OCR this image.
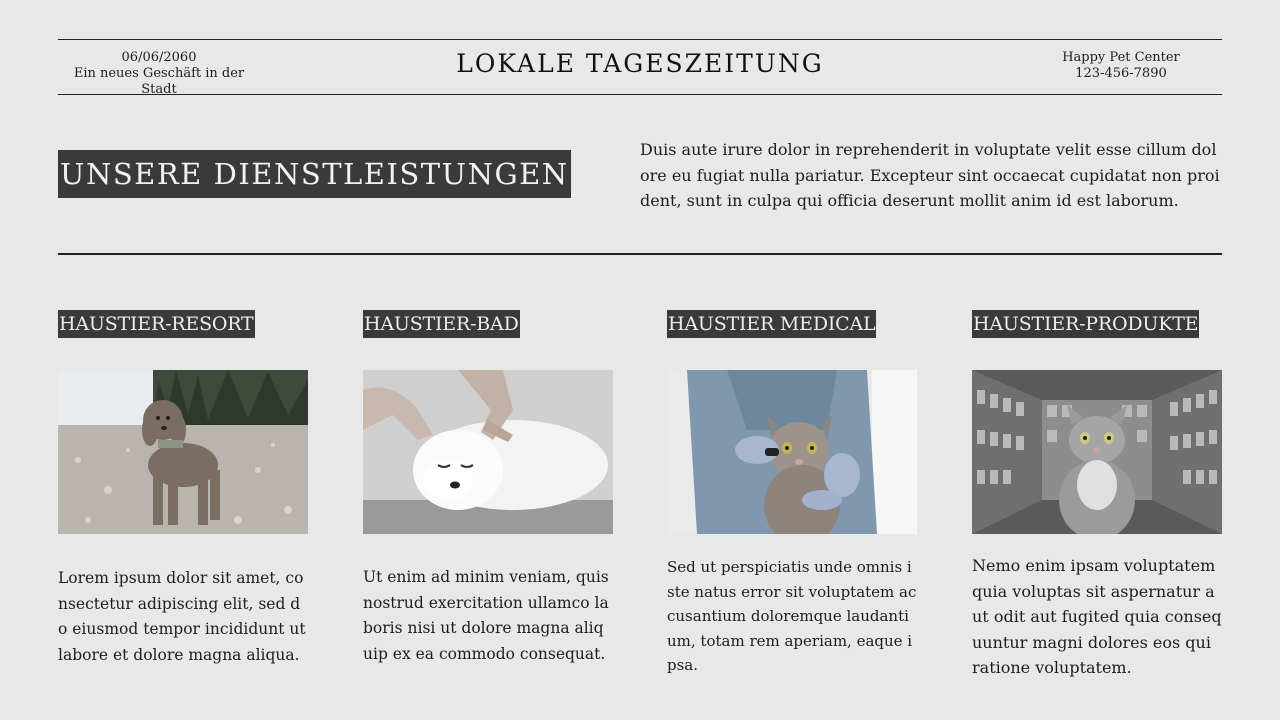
06/06/2060
Ein neues Geschäft in der Stadt
LOKALE TAGESZEITUNG	Happy Pet Center
123-456-7890
UNSERE DIENSTLEISTUNGEN

Duis aute irure dolor in reprehenderit in voluptate velit esse cillum dolore eu fugiat nulla pariatur. Excepteur sint occaecat cupidatat non proident, sunt in culpa qui officia deserunt mollit anim id est laborum.

HAUSTIER-RESORT

Lorem ipsum dolor sit amet, consectetur adipiscing elit, sed do eiusmod tempor incididunt ut labore et dolore magna aliqua.

HAUSTIER-BAD

Ut enim ad minim veniam, quis nostrud exercitation ullamco laboris nisi ut dolore magna aliquip ex ea commodo consequat.

HAUSTIER MEDICAL

Sed ut perspiciatis unde omnis iste natus error sit voluptatem accusantium doloremque laudantium, totam rem aperiam, eaque ipsa.

HAUSTIER-PRODUKTE

Nemo enim ipsam voluptatem quia voluptas sit aspernatur aut odit aut fugited quia consequuntur magni dolores eos qui ratione voluptatem.
